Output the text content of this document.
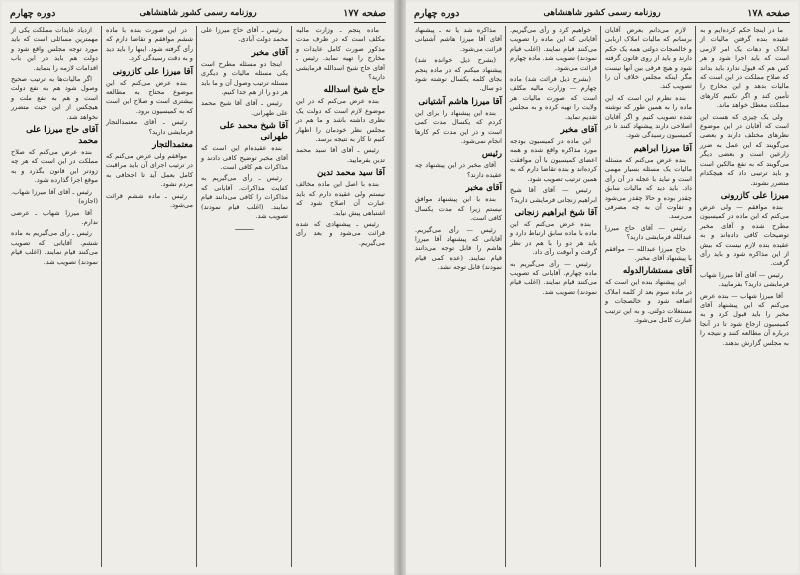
صفحه ۱۷۷
روزنامه رسمی کشور شاهنشاهی
دوره چهارم

ماده پنجم ـ وزارت مالیه مکلف است که در ظرف مدت مذکور صورت کامل عایدات و مخارج را تهیه نماید. رئیس ـ آقای حاج شیخ اسدالله فرمایشی دارید؟

حاج شیخ اسدالله

بنده عرض می‌کنم که در این موضوع لازم است که دولت یک نظری داشته باشد و ما هم در مجلس نظر خودمان را اظهار کنیم تا کار به نتیجه برسد.

رئیس ـ آقای آقا سید محمد تدین بفرمایید.

آقا سید محمد تدین

بنده با اصل این ماده مخالف نیستم ولی عقیده دارم که باید عبارت آن اصلاح شود که اشتباهی پیش نیاید.

رئیس ـ پیشنهادی که شده قرائت می‌شود و بعد رأی می‌گیریم.

رئیس ـ آقای حاج میرزا علی محمد دولت آبادی.

آقای مخبر

اینجا دو مسئله مطرح است یکی مسئله مالیات و دیگری مسئله ترتیب وصول آن و ما باید هر دو را از هم جدا کنیم.

رئیس ـ آقای آقا شیخ محمد علی طهرانی.

آقا شیخ محمد علی طهرانی

بنده عقیده‌ام این است که آقای مخبر توضیح کافی دادند و مذاکرات هم کافی است.

رئیس ـ رأی می‌گیریم به کفایت مذاکرات. آقایانی که مذاکرات را کافی می‌دانند قیام نمایند. (اغلب قیام نمودند) تصویب شد.

ـــــــــ

در این صورت بنده با ماده ششم موافقم و تقاضا دارم که رأی گرفته شود. اینها را باید دید و به دقت رسیدگی کرد.

آقا میرزا علی کازرونی

بنده عرض می‌کنم که این موضوع محتاج به مطالعه بیشتری است و صلاح این است که به کمیسیون برود.

رئیس ـ آقای معتمدالتجار فرمایشی دارید؟

معتمدالتجار

موافقم ولی عرض می‌کنم که در ترتیب اجرای آن باید مراقبت کامل بعمل آید تا اجحافی به مردم نشود.

رئیس ـ ماده ششم قرائت می‌شود.

ازدیاد عایدات مملکت یکی از مهمترین مسائلی است که باید مورد توجه مجلس واقع شود و دولت هم باید در این باب اقدامات لازمه را بنماید.

اگر مالیات‌ها به ترتیب صحیح وصول شود هم به نفع دولت است و هم به نفع ملت و هیچکس از این حیث متضرر نخواهد شد.

آقای حاج میرزا علی محمد

بنده عرض می‌کنم که صلاح مملکت در این است که هر چه زودتر این قانون بگذرد و به موقع اجرا گذارده شود.

رئیس ـ آقای آقا میرزا شهاب. (اجازه)

آقا میرزا شهاب ـ عرضی ندارم.

رئیس ـ رأی می‌گیریم به ماده ششم. آقایانی که تصویب می‌کنند قیام نمایند. (اغلب قیام نمودند) تصویب شد.

صفحه ۱۷۸
روزنامه رسمی کشور شاهنشاهی
دوره چهارم

ما در اینجا حکم کرده‌ایم و به عقیده بنده گرفتن مالیات از املاک و دهات یک امر لازمی است که باید اجرا شود و هر کس هم که قبول ندارد باید بداند که صلاح مملکت در این است که مالیات بدهد و این مخارج را تأمین کند و اگر نکنیم کارهای مملکت معطل خواهد ماند.

ولی یک چیزی که هست این است که آقایان در این موضوع نظرهای مختلف دارند و بعضی می‌گویند که این عمل به ضرر زارعین است و بعضی دیگر می‌گویند که به نفع مالکین است و باید ترتیبی داد که هیچکدام متضرر نشوند.

میرزا علی کازرونی

بنده موافقم — ولی عرض می‌کنم که این ماده در کمیسیون مطرح شده و آقای مخبر توضیحات کافی داده‌اند و به عقیده بنده لازم نیست که بیش از این مذاکره شود و باید رأی گرفت.

رئیس — آقای آقا میرزا شهاب فرمایشی دارید؟ بفرمایید.

آقا میرزا شهاب — بنده عرض می‌کنم که این پیشنهاد آقای مخبر را باید قبول کرد و به کمیسیون ارجاع شود تا در آنجا درباره آن مطالعه کنند و نتیجه را به مجلس گزارش بدهند.

لازم می‌دانم بعرض آقایان برسانم که مالیات املاک اربابی و خالصجات دولتی همه یک حکم دارند و باید از روی قانون گرفته شود و هیچ فرقی بین آنها نیست مگر اینکه مجلس خلاف آن را تصویب کند.

بنده نظرم این است که این ماده را به همین طور که نوشته شده تصویب کنیم و اگر آقایان اصلاحی دارند پیشنهاد کنند تا در کمیسیون رسیدگی شود.

آقا میرزا ابراهیم

بنده عرض می‌کنم که مسئله مالیات یک مسئله بسیار مهمی است و نباید با عجله در آن رأی داد. باید دید که مالیات سابق چقدر بوده و حالا چقدر می‌شود و تفاوت آن به چه مصرفی می‌رسد.

رئیس — آقای حاج میرزا عبدالله فرمایشی دارید؟

حاج میرزا عبدالله — موافقم با پیشنهاد آقای مخبر.

آقای مستشارالدوله

این پیشنهاد بنده این است که در ماده سوم بعد از کلمه املاک اضافه شود و خالصجات و مستغلات دولتی. و به این ترتیب عبارت کامل می‌شود.

خواهیم کرد و رأی می‌گیریم. آقایانی که این ماده را تصویب می‌کنند قیام نمایند. (اغلب قیام نمودند) تصویب شد. ماده چهارم قرائت می‌شود.

(بشرح ذیل قرائت شد) ماده چهارم — وزارت مالیه مکلف است که صورت مالیات هر ولایت را تهیه کرده و به مجلس تقدیم نماید.

آقای مخبر

این ماده در کمیسیون بودجه مورد مذاکره واقع شده و همه اعضای کمیسیون با آن موافقت کرده‌اند و بنده تقاضا دارم که به همین ترتیب تصویب شود.

رئیس — آقای آقا شیخ ابراهیم زنجانی فرمایشی دارید؟

آقا شیخ ابراهیم زنجانی

بنده عرض می‌کنم که این ماده با ماده سابق ارتباط دارد و باید هر دو را با هم در نظر گرفت و آنوقت رأی داد.

رئیس — رأی می‌گیریم به ماده چهارم. آقایانی که تصویب می‌کنند قیام نمایند. (اغلب قیام نمودند) تصویب شد.

مذاکره شد یا نه ـ پیشنهاد آقای آقا میرزا هاشم آشتیانی قرائت می‌شود.

(بشرح ذیل خوانده شد) پیشنهاد میکنم که در ماده پنجم بجای کلمه یکسال نوشته شود دو سال.

آقا میرزا هاشم آشتیانی

بنده این پیشنهاد را برای این کردم که یکسال مدت کمی است و در این مدت کم کارها انجام نمی‌شود.

رئیس

آقای مخبر در این پیشنهاد چه عقیده دارند؟

آقای مخبر

بنده با این پیشنهاد موافق نیستم زیرا که مدت یکسال کافی است.

رئیس — رأی می‌گیریم. آقایانی که پیشنهاد آقا میرزا هاشم را قابل توجه می‌دانند قیام نمایند. (عده کمی قیام نمودند) قابل توجه نشد.
